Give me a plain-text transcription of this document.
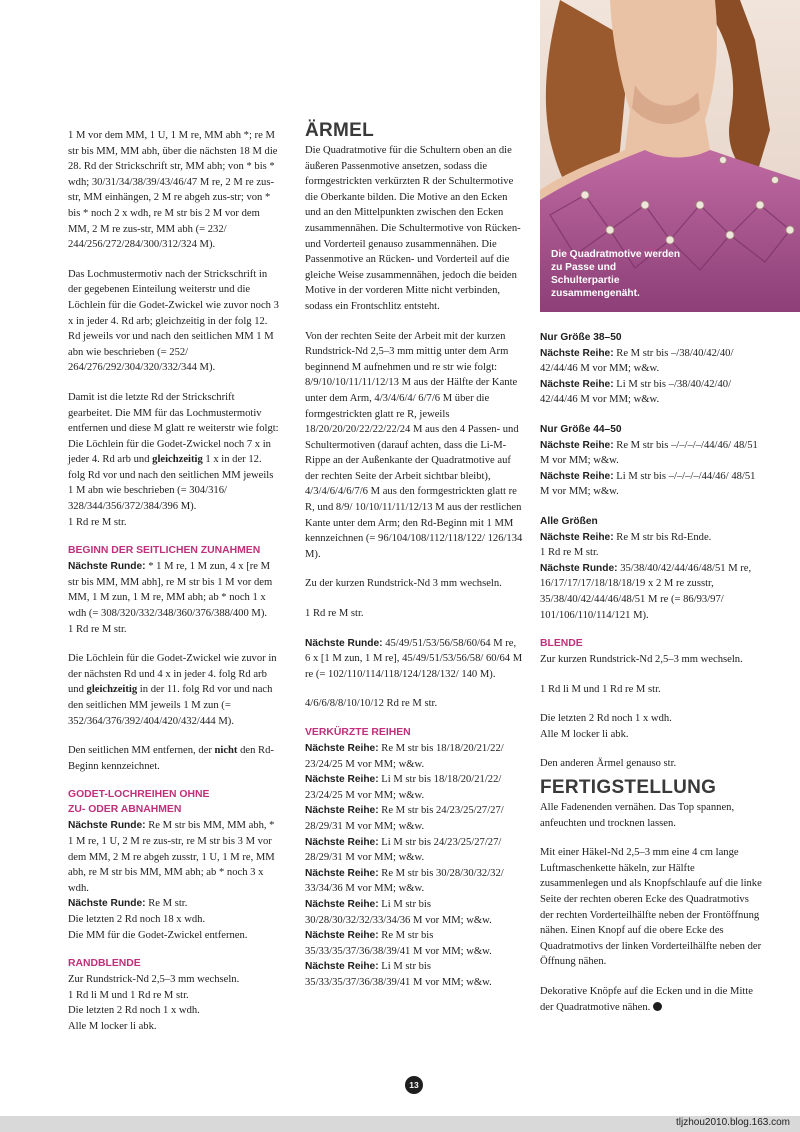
Die Quadratmotive werden zu Passe und Schulterpartie zusammengenäht.

1 M vor dem MM, 1 U, 1 M re, MM abh *; re M str bis MM, MM abh, über die nächsten 18 M die 28. Rd der Strickschrift str, MM abh; von * bis * wdh; 30/31/34/38/39/43/46/47 M re, 2 M re zus-str, MM einhängen, 2 M re abgeh zus-str; von * bis * noch 2 x wdh, re M str bis 2 M vor dem MM, 2 M re zus-str, MM abh (= 232/ 244/256/272/284/300/312/324 M).

Das Lochmustermotiv nach der Strickschrift in der gegebenen Einteilung weiterstr und die Löchlein für die Godet-Zwickel wie zuvor noch 3 x in jeder 4. Rd arb; gleichzeitig in der folg 12. Rd jeweils vor und nach den seitlichen MM 1 M abn wie beschrieben (= 252/ 264/276/292/304/320/332/344 M).

Damit ist die letzte Rd der Strickschrift gearbeitet. Die MM für das Lochmustermotiv entfernen und diese M glatt re weiterstr wie folgt:
Die Löchlein für die Godet-Zwickel noch 7 x in jeder 4. Rd arb und gleichzeitig 1 x in der 12. folg Rd vor und nach den seitlichen MM jeweils 1 M abn wie beschrieben (= 304/316/ 328/344/356/372/384/396 M).
1 Rd re M str.

BEGINN DER SEITLICHEN ZUNAHMEN

Nächste Runde: * 1 M re, 1 M zun, 4 x [re M str bis MM, MM abh], re M str bis 1 M vor dem MM, 1 M zun, 1 M re, MM abh; ab * noch 1 x wdh (= 308/320/332/348/360/376/388/400 M).
1 Rd re M str.

Die Löchlein für die Godet-Zwickel wie zuvor in der nächsten Rd und 4 x in jeder 4. folg Rd arb und gleichzeitig in der 11. folg Rd vor und nach den seitlichen MM jeweils 1 M zun (= 352/364/376/392/404/420/432/444 M).

Den seitlichen MM entfernen, der nicht den Rd-Beginn kennzeichnet.

GODET-LOCHREIHEN OHNE
ZU- ODER ABNAHMEN

Nächste Runde: Re M str bis MM, MM abh, * 1 M re, 1 U, 2 M re zus-str, re M str bis 3 M vor dem MM, 2 M re abgeh zusstr, 1 U, 1 M re, MM abh, re M str bis MM, MM abh; ab * noch 3 x wdh.
Nächste Runde: Re M str.
Die letzten 2 Rd noch 18 x wdh.
Die MM für die Godet-Zwickel entfernen.

RANDBLENDE

Zur Rundstrick-Nd 2,5–3 mm wechseln.
1 Rd li M und 1 Rd re M str.
Die letzten 2 Rd noch 1 x wdh.
Alle M locker li abk.

ÄRMEL

Die Quadratmotive für die Schultern oben an die äußeren Passenmotive ansetzen, sodass die formgestrickten verkürzten R der Schultermotive die Oberkante bilden. Die Motive an den Ecken und an den Mittelpunkten zwischen den Ecken zusammennähen. Die Schultermotive von Rücken- und Vorderteil genauso zusammennähen. Die Passenmotive an Rücken- und Vorderteil auf die gleiche Weise zusammennähen, jedoch die beiden Motive in der vorderen Mitte nicht verbinden, sodass ein Frontschlitz entsteht.

Von der rechten Seite der Arbeit mit der kurzen Rundstrick-Nd 2,5–3 mm mittig unter dem Arm beginnend M aufnehmen und re str wie folgt: 8/9/10/10/11/11/12/13 M aus der Hälfte der Kante unter dem Arm, 4/3/4/6/4/ 6/7/6 M über die formgestrickten glatt re R, jeweils 18/20/20/20/22/22/22/24 M aus den 4 Passen- und Schultermotiven (darauf achten, dass die Li-M-Rippe an der Außenkante der Quadratmotive auf der rechten Seite der Arbeit sichtbar bleibt), 4/3/4/6/4/6/7/6 M aus den formgestrickten glatt re R, und 8/9/ 10/10/11/11/12/13 M aus der restlichen Kante unter dem Arm; den Rd-Beginn mit 1 MM kennzeichnen (= 96/104/108/112/118/122/ 126/134 M).

Zu der kurzen Rundstrick-Nd 3 mm wechseln.

1 Rd re M str.

Nächste Runde: 45/49/51/53/56/58/60/64 M re, 6 x [1 M zun, 1 M re], 45/49/51/53/56/58/ 60/64 M re (= 102/110/114/118/124/128/132/ 140 M).

4/6/6/8/8/10/10/12 Rd re M str.

VERKÜRZTE REIHEN
Nächste Reihe: Re M str bis 18/18/20/21/22/ 23/24/25 M vor MM; w&w.
Nächste Reihe: Li M str bis 18/18/20/21/22/ 23/24/25 M vor MM; w&w.
Nächste Reihe: Re M str bis 24/23/25/27/27/ 28/29/31 M vor MM; w&w.
Nächste Reihe: Li M str bis 24/23/25/27/27/ 28/29/31 M vor MM; w&w.
Nächste Reihe: Re M str bis 30/28/30/32/32/ 33/34/36 M vor MM; w&w.
Nächste Reihe: Li M str bis 30/28/30/32/32/33/34/36 M vor MM; w&w.
Nächste Reihe: Re M str bis 35/33/35/37/36/38/39/41 M vor MM; w&w.
Nächste Reihe: Li M str bis 35/33/35/37/36/38/39/41 M vor MM; w&w.
Nur Größe 38–50

Nächste Reihe: Re M str bis –/38/40/42/40/ 42/44/46 M vor MM; w&w.
Nächste Reihe: Li M str bis –/38/40/42/40/ 42/44/46 M vor MM; w&w.

Nur Größe 44–50

Nächste Reihe: Re M str bis –/–/–/–/44/46/ 48/51 M vor MM; w&w.
Nächste Reihe: Li M str bis –/–/–/–/44/46/ 48/51 M vor MM; w&w.

Alle Größen

Nächste Reihe: Re M str bis Rd-Ende.
1 Rd re M str.
Nächste Runde: 35/38/40/42/44/46/48/51 M re, 16/17/17/17/18/18/18/19 x 2 M re zusstr, 35/38/40/42/44/46/48/51 M re (= 86/93/97/ 101/106/110/114/121 M).

BLENDE

Zur kurzen Rundstrick-Nd 2,5–3 mm wechseln.

1 Rd li M und 1 Rd re M str.

Die letzten 2 Rd noch 1 x wdh.
Alle M locker li abk.

Den anderen Ärmel genauso str.

FERTIGSTELLUNG

Alle Fadenenden vernähen. Das Top spannen, anfeuchten und trocknen lassen.

Mit einer Häkel-Nd 2,5–3 mm eine 4 cm lange Luftmaschenkette häkeln, zur Hälfte zusammenlegen und als Knopfschlaufe auf die linke Seite der rechten oberen Ecke des Quadratmotivs der rechten Vorderteilhälfte neben der Frontöffnung nähen. Einen Knopf auf die obere Ecke des Quadratmotivs der linken Vorderteilhälfte neben der Öffnung nähen.

Dekorative Knöpfe auf die Ecken und in die Mitte der Quadratmotive nähen.

13
tljzhou2010.blog.163.com
